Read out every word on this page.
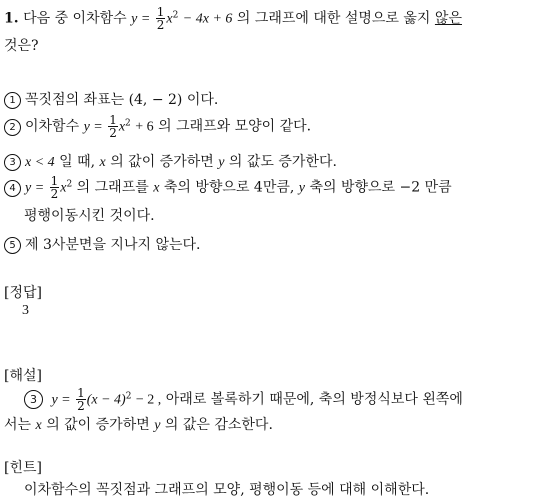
1. 다음 중 이차함수 $y = \frac{1}{2} x^2 - 4x + 6$ 의 그래프에 대한 설명으로 옳지 않은
것은?
1 꼭짓점의 좌표는 (4, − 2) 이다.
2 이차함수 $y = \frac{1}{2} x^2 + 6$ 의 그래프와 모양이 같다.
3 x < 4 일 때, x 의 값이 증가하면 y 의 값도 증가한다.
4 $y = \frac{1}{2} x^2$ 의 그래프를 x 축의 방향으로 4만큼, y 축의 방향으로 −2 만큼
평행이동시킨 것이다.
5 제 3사분면을 지나지 않는다.
[정답]
3
[해설]
3 $y = \frac{1}{2} (x - 4)^2 - 2$ , 아래로 볼록하기 때문에, 축의 방정식보다 왼쪽에
서는 x 의 값이 증가하면 y 의 값은 감소한다.
[힌트]
이차함수의 꼭짓점과 그래프의 모양, 평행이동 등에 대해 이해한다.
